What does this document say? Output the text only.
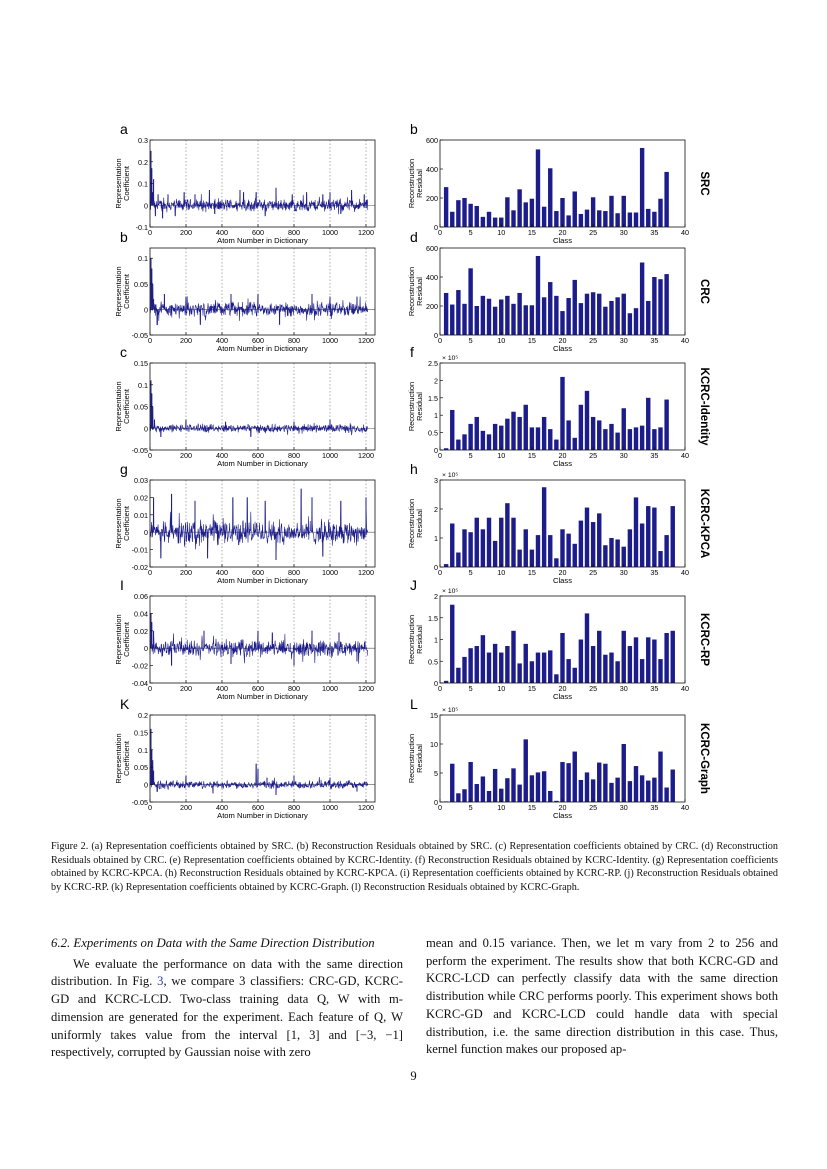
a
0.3
0.2
0.1
0
-0.1
0	200	400	600	800	1000	1200
Atom Number in Dictionary
Representation Coefficient
b
0.1
0.05
0
-0.05
0	200	400	600	800	1000	1200
Atom Number in Dictionary
Representation Coefficient
c
0.15
0.1
0.05
0
-0.05
0	200	400	600	800	1000	1200
Atom Number in Dictionary
Representation Coefficient
g
0.03
0.02
0.01
0
-0.01
-0.02
0	200	400	600	800	1000	1200
Atom Number in Dictionary
Representation Coefficient
I
0.06
0.04
0.02
0
-0.02
-0.04
0	200	400	600	800	1000	1200
Atom Number in Dictionary
Representation Coefficient
K
0.2
0.15
0.1
0.05
0
-0.05
0	200	400	600	800	1000	1200
Atom Number in Dictionary
Representation Coefficient
b
600
400
200
0
0	5	10	15	20	25	30	35	40
Class
Reconstruction Residual	SRC
d
600
400
200
0
0	5	10	15	20	25	30	35	40
Class
Reconstruction Residual	CRC
f	× 10⁵
2.5
2
1.5
1
0.5
0
0	5	10	15	20	25	30	35	40
Class
Reconstruction Residual	KCRC-Identity
h	× 10⁵
3
2
1
0
0	5	10	15	20	25	30	35	40
Class
Reconstruction Residual	KCRC-KPCA
J	× 10⁵
2
1.5
1
0.5
0
0	5	10	15	20	25	30	35	40
Class
Reconstruction Residual	KCRC-RP
L	× 10⁵
15
10
5
0
0	5	10	15	20	25	30	35	40
Class
Reconstruction Residual	KCRC-Graph

Figure 2. (a) Representation coefficients obtained by SRC. (b) Reconstruction Residuals obtained by SRC. (c) Representation coefficients obtained by CRC. (d) Reconstruction Residuals obtained by CRC. (e) Representation coefficients obtained by KCRC-Identity. (f) Reconstruction Residuals obtained by KCRC-Identity. (g) Representation coefficients obtained by KCRC-KPCA. (h) Reconstruction Residuals obtained by KCRC-KPCA. (i) Representation coefficients obtained by KCRC-RP. (j) Reconstruction Residuals obtained by KCRC-RP. (k) Representation coefficients obtained by KCRC-Graph. (l) Reconstruction Residuals obtained by KCRC-Graph.

6.2. Experiments on Data with the Same Direction Distribution

We evaluate the performance on data with the same direction distribution. In Fig. 3, we compare 3 classifiers: CRC-GD, KCRC-GD and KCRC-LCD. Two-class training data Q, W with m-dimension are generated for the experiment. Each feature of Q, W uniformly takes value from the interval [1, 3] and [−3, −1] respectively, corrupted by Gaussian noise with zero

mean and 0.15 variance. Then, we let m vary from 2 to 256 and perform the experiment. The results show that both KCRC-GD and KCRC-LCD can perfectly classify data with the same direction distribution while CRC performs poorly. This experiment shows both KCRC-GD and KCRC-LCD could handle data with special distribution, i.e. the same direction distribution in this case. Thus, kernel function makes our proposed ap-

9
